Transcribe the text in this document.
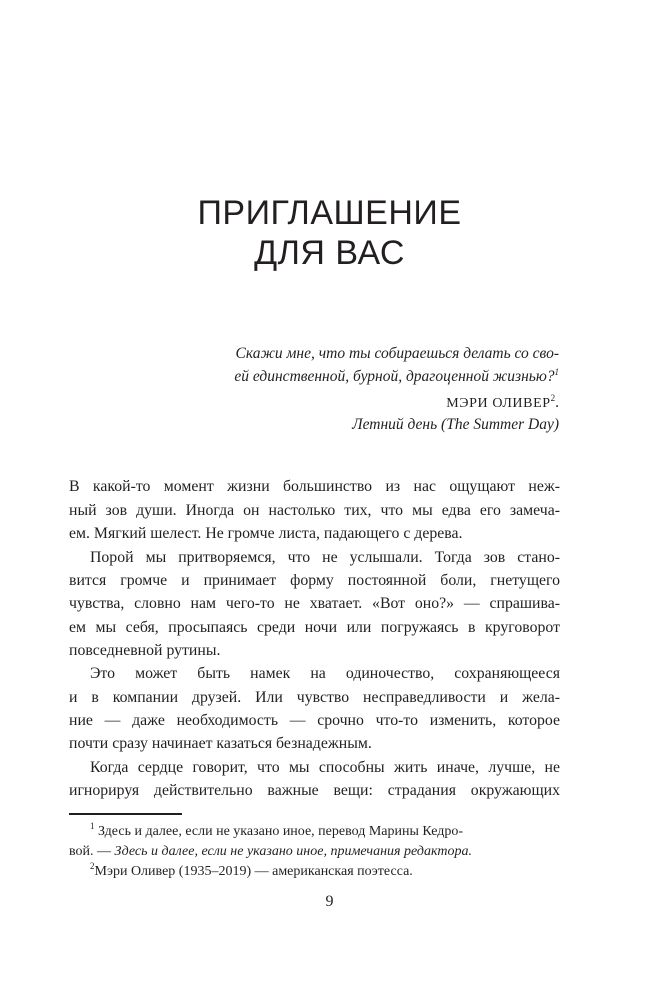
ПРИГЛАШЕНИЕ
ДЛЯ ВАС
Скажи мне, что ты собираешься делать со сво-
ей единственной, бурной, драгоценной жизнью?$^1$
МЭРИ ОЛИВЕР$^2$.
Летний день (The Summer Day)
В какой-то момент жизни большинство из нас ощущают неж-
ный зов души. Иногда он настолько тих, что мы едва его замеча-
ем. Мягкий шелест. Не громче листа, падающего с дерева.
Порой мы притворяемся, что не услышали. Тогда зов стано-
вится громче и принимает форму постоянной боли, гнетущего
чувства, словно нам чего-то не хватает. «Вот оно?» — спрашива-
ем мы себя, просыпаясь среди ночи или погружаясь в круговорот
повседневной рутины.
Это может быть намек на одиночество, сохраняющееся
и в компании друзей. Или чувство несправедливости и жела-
ние — даже необходимость — срочно что-то изменить, которое
почти сразу начинает казаться безнадежным.
Когда сердце говорит, что мы способны жить иначе, лучше, не
игнорируя действительно важные вещи: страдания окружающих
$^1$ Здесь и далее, если не указано иное, перевод Марины Кедро-
вой. — Здесь и далее, если не указано иное, примечания редактора.
$^2$Мэри Оливер (1935–2019) — американская поэтесса.
9
